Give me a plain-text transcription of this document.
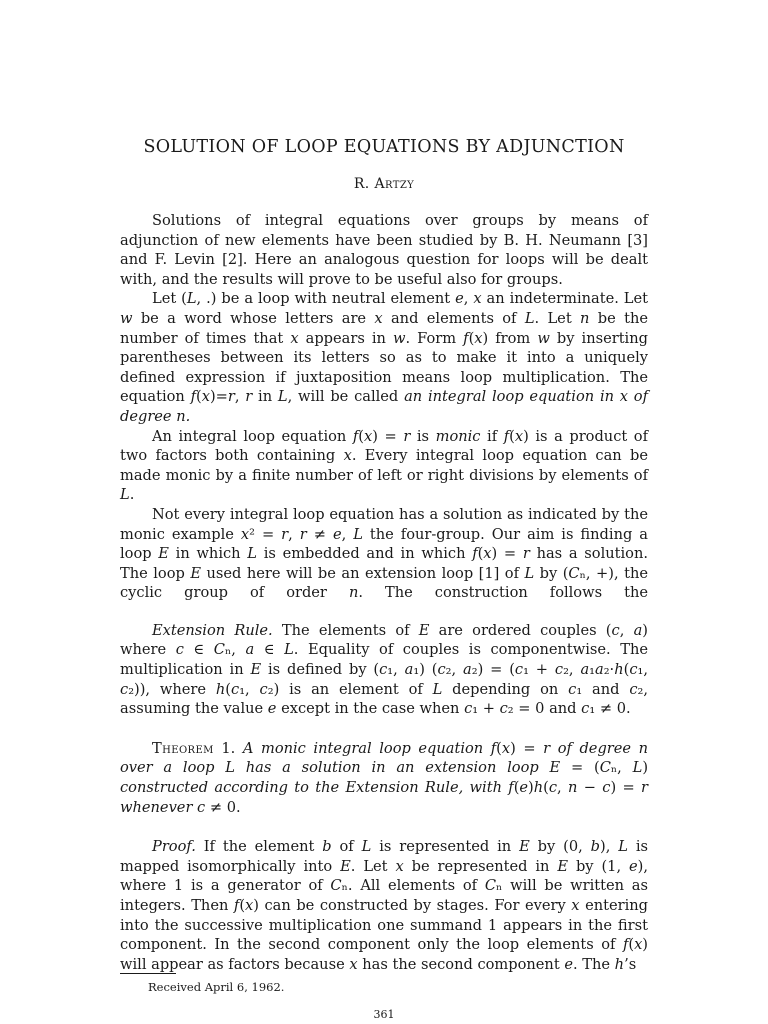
SOLUTION OF LOOP EQUATIONS BY ADJUNCTION
R. Artzy

Solutions of integral equations over groups by means of adjunction of new elements have been studied by B. H. Neumann [3] and F. Levin [2]. Here an analogous question for loops will be dealt with, and the results will prove to be useful also for groups.

Let (L, .) be a loop with neutral element e, x an indeterminate. Let w be a word whose letters are x and elements of L. Let n be the number of times that x appears in w. Form f(x) from w by inserting parentheses between its letters so as to make it into a uniquely defined expression if juxtaposition means loop multiplication. The equation f(x)=r, r in L, will be called an integral loop equation in x of degree n.

An integral loop equation f(x) = r is monic if f(x) is a product of two factors both containing x. Every integral loop equation can be made monic by a finite number of left or right divisions by elements of L.

Not every integral loop equation has a solution as indicated by the monic example x² = r, r ≠ e, L the four-group. Our aim is finding a loop E in which L is embedded and in which f(x) = r has a solution. The loop E used here will be an extension loop [1] of L by (Cₙ, +), the cyclic group of order n. The construction follows the

Extension Rule. The elements of E are ordered couples (c, a) where c ∈ Cₙ, a ∈ L. Equality of couples is componentwise. The multiplication in E is defined by (c₁, a₁) (c₂, a₂) = (c₁ + c₂, a₁a₂·h(c₁, c₂)), where h(c₁, c₂) is an element of L depending on c₁ and c₂, assuming the value e except in the case when c₁ + c₂ = 0 and c₁ ≠ 0.

Theorem 1. A monic integral loop equation f(x) = r of degree n over a loop L has a solution in an extension loop E = (Cₙ, L) constructed according to the Extension Rule, with f(e)h(c, n − c) = r whenever c ≠ 0.

Proof. If the element b of L is represented in E by (0, b), L is mapped isomorphically into E. Let x be represented in E by (1, e), where 1 is a generator of Cₙ. All elements of Cₙ will be written as integers. Then f(x) can be constructed by stages. For every x entering into the successive multiplication one summand 1 appears in the first component. In the second component only the loop elements of f(x) will appear as factors because x has the second component e. The h’s

Received April 6, 1962.
361
